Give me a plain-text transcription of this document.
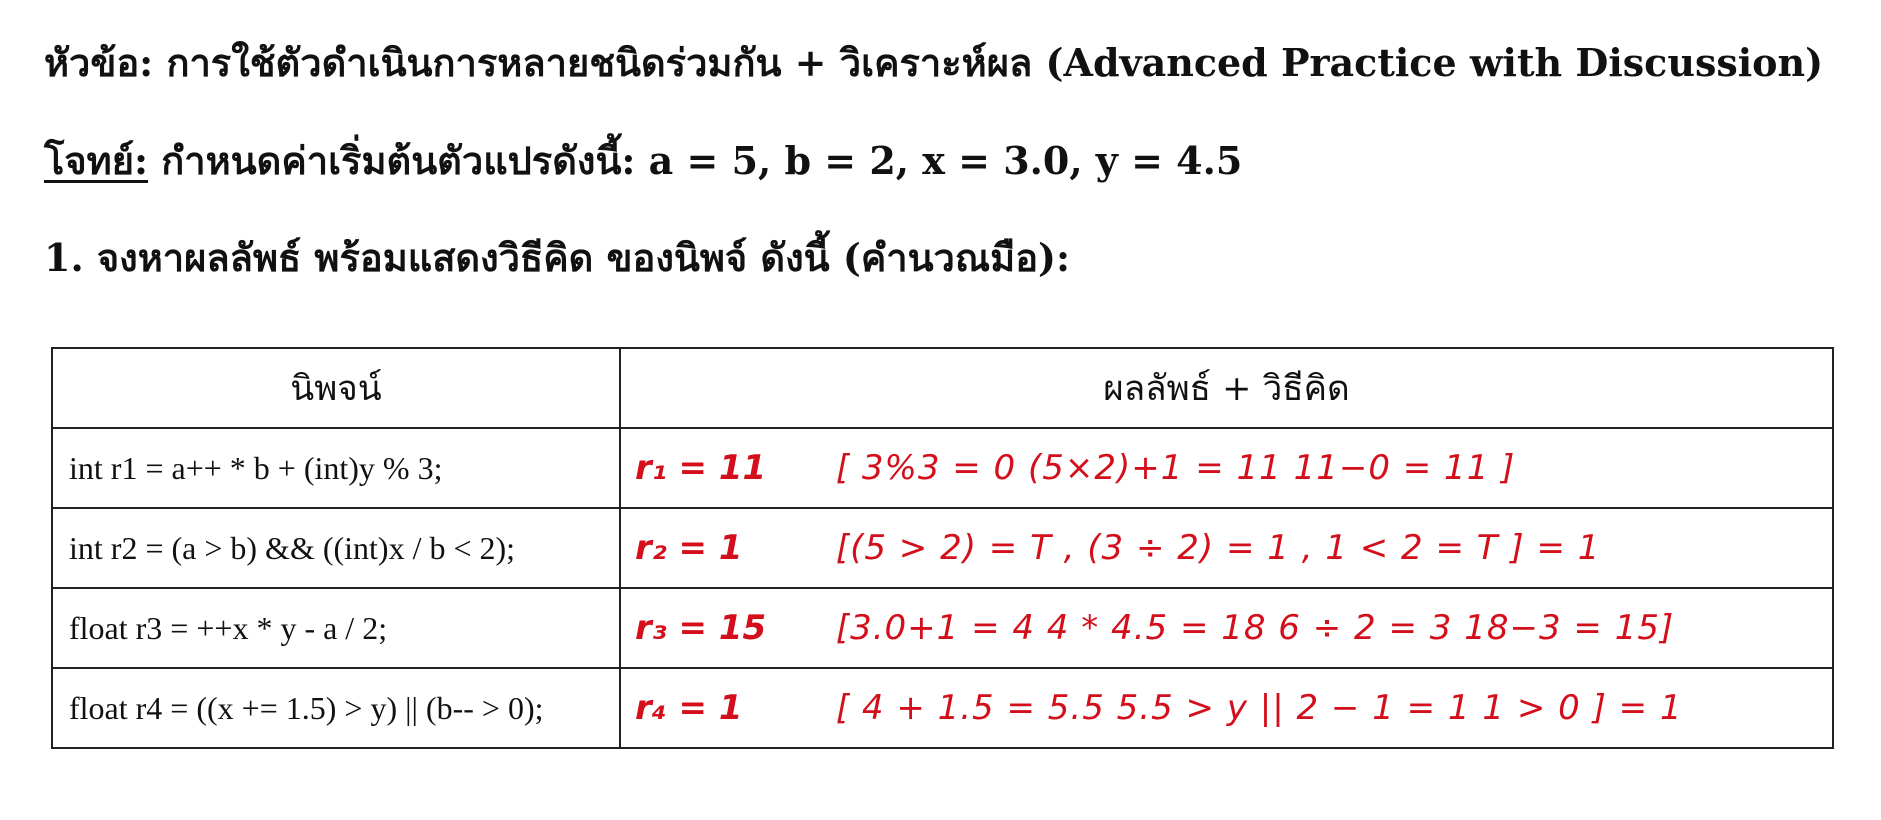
หัวข้อ: การใช้ตัวดำเนินการหลายชนิดร่วมกัน + วิเคราะห์ผล (Advanced Practice with Discussion)
โจทย์: กำหนดค่าเริ่มต้นตัวแปรดังนี้: a = 5, b = 2, x = 3.0, y = 4.5
1. จงหาผลลัพธ์ พร้อมแสดงวิธีคิด ของนิพจ์ ดังนี้ (คำนวณมือ):
นิพจน์	ผลลัพธ์ + วิธีคิด
int r1 = a++ * b + (int)y % 3;	r₁ = 11 [ 3%3 = 0 (5×2)+1 = 11 11−0 = 11 ]
int r2 = (a > b) && ((int)x / b < 2);	r₂ = 1 [(5 > 2) = T , (3 ÷ 2) = 1 , 1 < 2 = T ] = 1
float r3 = ++x * y - a / 2;	r₃ = 15 [3.0+1 = 4 4 * 4.5 = 18 6 ÷ 2 = 3 18−3 = 15]
float r4 = ((x += 1.5) > y) || (b-- > 0);	r₄ = 1 [ 4 + 1.5 = 5.5 5.5 > y || 2 − 1 = 1 1 > 0 ] = 1
